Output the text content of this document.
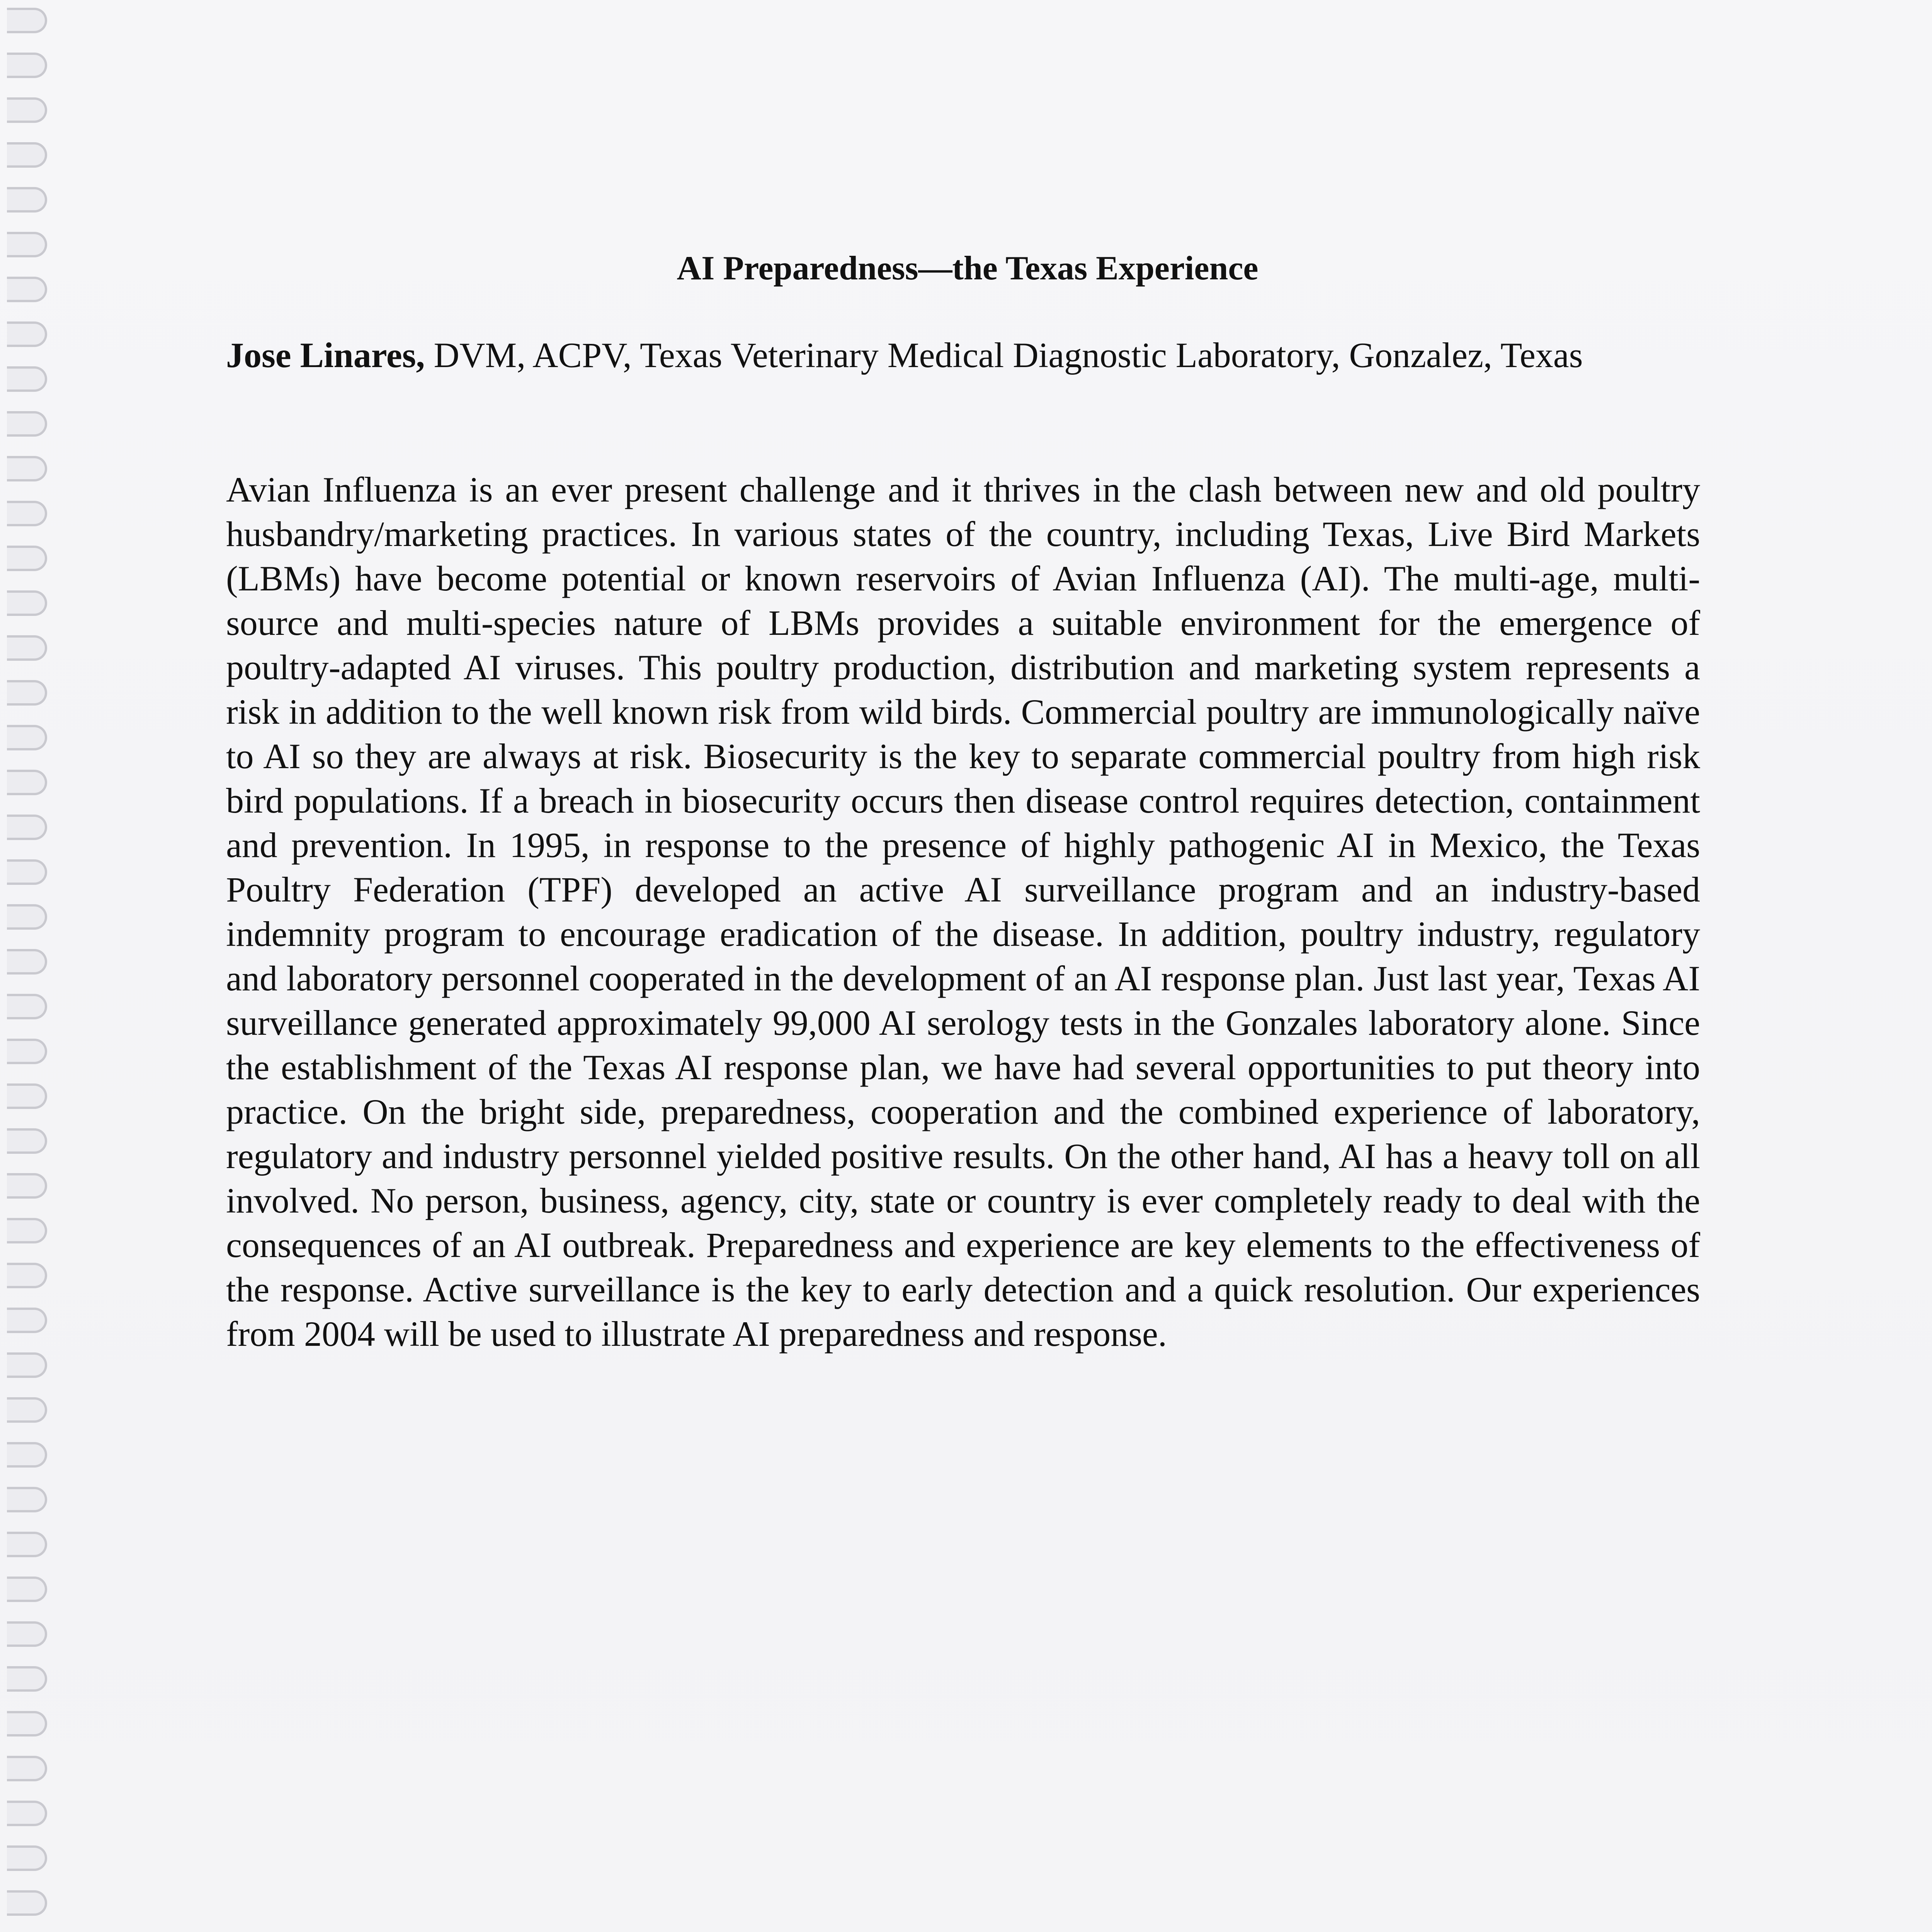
AI Preparedness—the Texas Experience

Jose Linares, DVM, ACPV, Texas Veterinary Medical Diagnostic Laboratory, Gonzalez, Texas

Avian Influenza is an ever present challenge and it thrives in the clash between new and old poultry husbandry/marketing practices. In various states of the country, including Texas, Live Bird Markets (LBMs) have become potential or known reservoirs of Avian Influenza (AI). The multi-age, multi-source and multi-species nature of LBMs provides a suitable environment for the emergence of poultry-adapted AI viruses. This poultry production, distribution and marketing system represents a risk in addition to the well known risk from wild birds. Commercial poultry are immunologically naïve to AI so they are always at risk. Biosecurity is the key to separate commercial poultry from high risk bird populations. If a breach in biosecurity occurs then disease control requires detection, containment and prevention. In 1995, in response to the presence of highly pathogenic AI in Mexico, the Texas Poultry Federation (TPF) developed an active AI surveillance program and an industry-based indemnity program to encourage eradication of the disease. In addition, poultry industry, regulatory and laboratory personnel cooperated in the development of an AI response plan. Just last year, Texas AI surveillance generated approximately 99,000 AI serology tests in the Gonzales laboratory alone. Since the establishment of the Texas AI response plan, we have had several opportunities to put theory into practice. On the bright side, preparedness, cooperation and the combined experience of laboratory, regulatory and industry personnel yielded positive results. On the other hand, AI has a heavy toll on all involved. No person, business, agency, city, state or country is ever completely ready to deal with the consequences of an AI outbreak. Preparedness and experience are key elements to the effectiveness of the response. Active surveillance is the key to early detection and a quick resolution. Our experiences from 2004 will be used to illustrate AI preparedness and response.
